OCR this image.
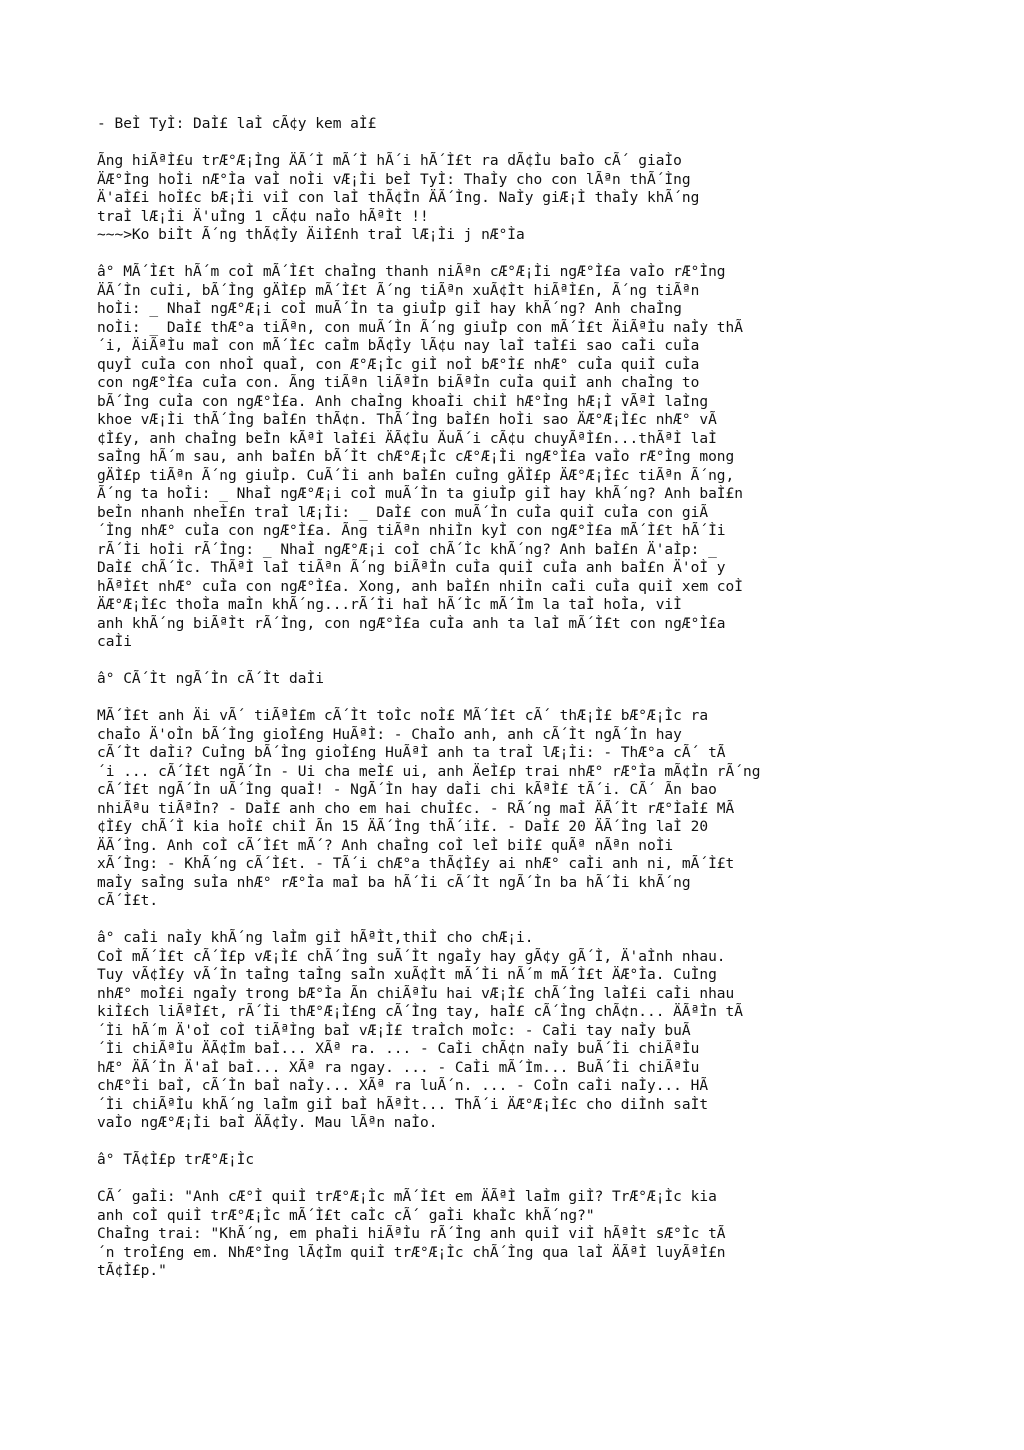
- BeÌ TyÌ: DaÌ£ laÌ cÃ¢y kem aÌ£
Ãng hiÃªÌ£u trÆ°Æ¡Ìng ÄÃ´Ì mÃ´Ì hÃ´i hÃ´Ì£t ra dÃ¢Ìu baÌo cÃ´ giaÌo
ÄÆ°Ìng hoÌi nÆ°Ìa vaÌ noÌi vÆ¡Ìi beÌ TyÌ: ThaÌy cho con lÃªn thÃ´Ìng
Ä'aÌ£i hoÌ£c bÆ¡Ìi viÌ con laÌ thÃ¢Ìn ÄÃ´Ìng. NaÌy giÆ¡Ì thaÌy khÃ´ng
traÌ lÆ¡Ìi Ä'uÌng 1 cÃ¢u naÌo hÃªÌt !!
~~~>Ko biÌt Ã´ng thÃ¢Ìy ÄiÌ£nh traÌ lÆ¡Ìi j nÆ°Ìa
â° MÃ´Ì£t hÃ´m coÌ mÃ´Ì£t chaÌng thanh niÃªn cÆ°Æ¡Ìi ngÆ°Ì£a vaÌo rÆ°Ìng
ÄÃ´Ìn cuÌi, bÃ´Ìng gÄÌ£p mÃ´Ì£t Ã´ng tiÃªn xuÃ¢Ìt hiÃªÌ£n, Ã´ng tiÃªn
hoÌi: _ NhaÌ ngÆ°Æ¡i coÌ muÃ´Ìn ta giuÌp giÌ hay khÃ´ng? Anh chaÌng
noÌi: _ DaÌ£ thÆ°a tiÃªn, con muÃ´Ìn Ã´ng giuÌp con mÃ´Ì£t ÄiÃªÌu naÌy thÃ
´i, ÄiÃªÌu maÌ con mÃ´Ì£c caÌm bÃ¢Ìy lÃ¢u nay laÌ taÌ£i sao caÌi cuÌa
quyÌ cuÌa con nhoÌ quaÌ, con Æ°Æ¡Ìc giÌ noÌ bÆ°Ì£ nhÆ° cuÌa quiÌ cuÌa
con ngÆ°Ì£a cuÌa con. Ãng tiÃªn liÃªÌn biÃªÌn cuÌa quiÌ anh chaÌng to
bÃ´Ìng cuÌa con ngÆ°Ì£a. Anh chaÌng khoaÌi chiÌ hÆ°Ìng hÆ¡Ì vÃªÌ laÌng
khoe vÆ¡Ìi thÃ´Ìng baÌ£n thÃ¢n. ThÃ´Ìng baÌ£n hoÌi sao ÄÆ°Æ¡Ì£c nhÆ° vÃ
¢Ì£y, anh chaÌng beÌn kÃªÌ laÌ£i ÄÃ¢Ìu ÄuÃ´i cÃ¢u chuyÃªÌ£n...thÃªÌ laÌ
saÌng hÃ´m sau, anh baÌ£n bÃ´Ìt chÆ°Æ¡Ìc cÆ°Æ¡Ìi ngÆ°Ì£a vaÌo rÆ°Ìng mong
gÄÌ£p tiÃªn Ã´ng giuÌp. CuÃ´Ìi anh baÌ£n cuÌng gÄÌ£p ÄÆ°Æ¡Ì£c tiÃªn Ã´ng,
Ã´ng ta hoÌi: _ NhaÌ ngÆ°Æ¡i coÌ muÃ´Ìn ta giuÌp giÌ hay khÃ´ng? Anh baÌ£n
beÌn nhanh nheÌ£n traÌ lÆ¡Ìi: _ DaÌ£ con muÃ´Ìn cuÌa quiÌ cuÌa con giÃ
´Ìng nhÆ° cuÌa con ngÆ°Ì£a. Ãng tiÃªn nhiÌn kyÌ con ngÆ°Ì£a mÃ´Ì£t hÃ´Ìi
rÃ´Ìi hoÌi rÃ´Ìng: _ NhaÌ ngÆ°Æ¡i coÌ chÃ´Ìc khÃ´ng? Anh baÌ£n Ä'aÌp: _
DaÌ£ chÃ´Ìc. ThÃªÌ laÌ tiÃªn Ã´ng biÃªÌn cuÌa quiÌ cuÌa anh baÌ£n Ä'oÌ y
hÃªÌ£t nhÆ° cuÌa con ngÆ°Ì£a. Xong, anh baÌ£n nhiÌn caÌi cuÌa quiÌ xem coÌ
ÄÆ°Æ¡Ì£c thoÌa maÌn khÃ´ng...rÃ´Ìi haÌ hÃ´Ìc mÃ´Ìm la taÌ hoÌa, viÌ
anh khÃ´ng biÃªÌt rÃ´Ìng, con ngÆ°Ì£a cuÌa anh ta laÌ mÃ´Ì£t con ngÆ°Ì£a
caÌi
â° CÃ´Ìt ngÃ´Ìn cÃ´Ìt daÌi
MÃ´Ì£t anh Äi vÃ´ tiÃªÌ£m cÃ´Ìt toÌc noÌ£ MÃ´Ì£t cÃ´ thÆ¡Ì£ bÆ°Æ¡Ìc ra
chaÌo Ä'oÌn bÃ´Ìng gioÌ£ng HuÃªÌ: - ChaÌo anh, anh cÃ´Ìt ngÃ´Ìn hay
cÃ´Ìt daÌi? CuÌng bÃ´Ìng gioÌ£ng HuÃªÌ anh ta traÌ lÆ¡Ìi: - ThÆ°a cÃ´ tÃ
´i ... cÃ´Ì£t ngÃ´Ìn - Ui cha meÌ£ ui, anh ÄeÌ£p trai nhÆ° rÆ°Ìa mÃ¢Ìn rÃ´ng
cÃ´Ì£t ngÃ´Ìn uÃ´Ìng quaÌ! - NgÃ´Ìn hay daÌi chi kÃªÌ£ tÃ´i. CÃ´ Ãn bao
nhiÃªu tiÃªÌn? - DaÌ£ anh cho em hai chuÌ£c. - RÃ´ng maÌ ÄÃ´Ìt rÆ°ÌaÌ£ MÃ
¢Ì£y chÃ´Ì kia hoÌ£ chiÌ Ãn 15 ÄÃ´Ìng thÃ´iÌ£. - DaÌ£ 20 ÄÃ´Ìng laÌ 20
ÄÃ´Ìng. Anh coÌ cÃ´Ì£t mÃ´? Anh chaÌng coÌ leÌ biÌ£ quÃª nÃªn noÌi
xÃ´Ìng: - KhÃ´ng cÃ´Ì£t. - TÃ´i chÆ°a thÃ¢Ì£y ai nhÆ° caÌi anh ni, mÃ´Ì£t
maÌy saÌng suÌa nhÆ° rÆ°Ìa maÌ ba hÃ´Ìi cÃ´Ìt ngÃ´Ìn ba hÃ´Ìi khÃ´ng
cÃ´Ì£t.
â° caÌi naÌy khÃ´ng laÌm giÌ hÃªÌt,thiÌ cho chÆ¡i.
CoÌ mÃ´Ì£t cÃ´Ì£p vÆ¡Ì£ chÃ´Ìng suÃ´Ìt ngaÌy hay gÃ¢y gÃ´Ì, Ä'aÌnh nhau.
Tuy vÃ¢Ì£y vÃ´Ìn taÌng taÌng saÌn xuÃ¢Ìt mÃ´Ìi nÃ´m mÃ´Ì£t ÄÆ°Ìa. CuÌng
nhÆ° moÌ£i ngaÌy trong bÆ°Ìa Ãn chiÃªÌu hai vÆ¡Ì£ chÃ´Ìng laÌ£i caÌi nhau
kiÌ£ch liÃªÌ£t, rÃ´Ìi thÆ°Æ¡Ì£ng cÃ´Ìng tay, haÌ£ cÃ´Ìng chÃ¢n... ÄÃªÌn tÃ
´Ìi hÃ´m Ä'oÌ coÌ tiÃªÌng baÌ vÆ¡Ì£ traÌch moÌc: - CaÌi tay naÌy buÃ
´Ìi chiÃªÌu ÄÃ¢Ìm baÌ... XÃª ra. ... - CaÌi chÃ¢n naÌy buÃ´Ìi chiÃªÌu
hÆ° ÄÃ´Ìn Ä'aÌ baÌ... XÃª ra ngay. ... - CaÌi mÃ´Ìm... BuÃ´Ìi chiÃªÌu
chÆ°Ìi baÌ, cÃ´Ìn baÌ naÌy... XÃª ra luÃ´n. ... - CoÌn caÌi naÌy... HÃ
´Ìi chiÃªÌu khÃ´ng laÌm giÌ baÌ hÃªÌt... ThÃ´i ÄÆ°Æ¡Ì£c cho diÌnh saÌt
vaÌo ngÆ°Æ¡Ìi baÌ ÄÃ¢Ìy. Mau lÃªn naÌo.
â° TÃ¢Ì£p trÆ°Æ¡Ìc
CÃ´ gaÌi: "Anh cÆ°Ì quiÌ trÆ°Æ¡Ìc mÃ´Ì£t em ÄÃªÌ laÌm giÌ? TrÆ°Æ¡Ìc kia
anh coÌ quiÌ trÆ°Æ¡Ìc mÃ´Ì£t caÌc cÃ´ gaÌi khaÌc khÃ´ng?"
ChaÌng trai: "KhÃ´ng, em phaÌi hiÃªÌu rÃ´Ìng anh quiÌ viÌ hÃªÌt sÆ°Ìc tÃ
´n troÌ£ng em. NhÆ°Ìng lÃ¢Ìm quiÌ trÆ°Æ¡Ìc chÃ´Ìng qua laÌ ÄÃªÌ luyÃªÌ£n
tÃ¢Ì£p."
